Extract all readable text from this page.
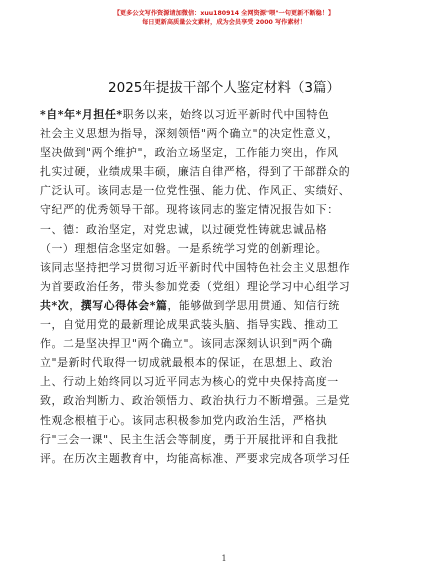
【更多公文写作资源请加微信：xuu180914 全网资源"喂"一句更新不断稳！】
每日更新高质量公文素材，成为会员享受 2000 写作素材！
2025年提拔干部个人鉴定材料（3篇）
*自*年*月担任*职务以来，始终以习近平新时代中国特色
社会主义思想为指导，深刻领悟"两个确立"的决定性意义，
坚决做到"两个维护"，政治立场坚定，工作能力突出，作风
扎实过硬，业绩成果丰硕，廉洁自律严格，得到了干部群众的
广泛认可。该同志是一位党性强、能力优、作风正、实绩好、
守纪严的优秀领导干部。现将该同志的鉴定情况报告如下：
一、德：政治坚定，对党忠诚，以过硬党性铸就忠诚品格
（一）理想信念坚定如磐。一是系统学习党的创新理论。
该同志坚持把学习贯彻习近平新时代中国特色社会主义思想作
为首要政治任务，带头参加党委（党组）理论学习中心组学习
共*次，撰写心得体会*篇，能够做到学思用贯通、知信行统
一，自觉用党的最新理论成果武装头脑、指导实践、推动工
作。二是坚决捍卫"两个确立"。该同志深刻认识到"两个确
立"是新时代取得一切成就最根本的保证，在思想上、政治
上、行动上始终同以习近平同志为核心的党中央保持高度一
致，政治判断力、政治领悟力、政治执行力不断增强。三是党
性观念根植于心。该同志积极参加党内政治生活，严格执
行"三会一课"、民主生活会等制度，勇于开展批评和自我批
评。在历次主题教育中，均能高标准、严要求完成各项学习任
1
